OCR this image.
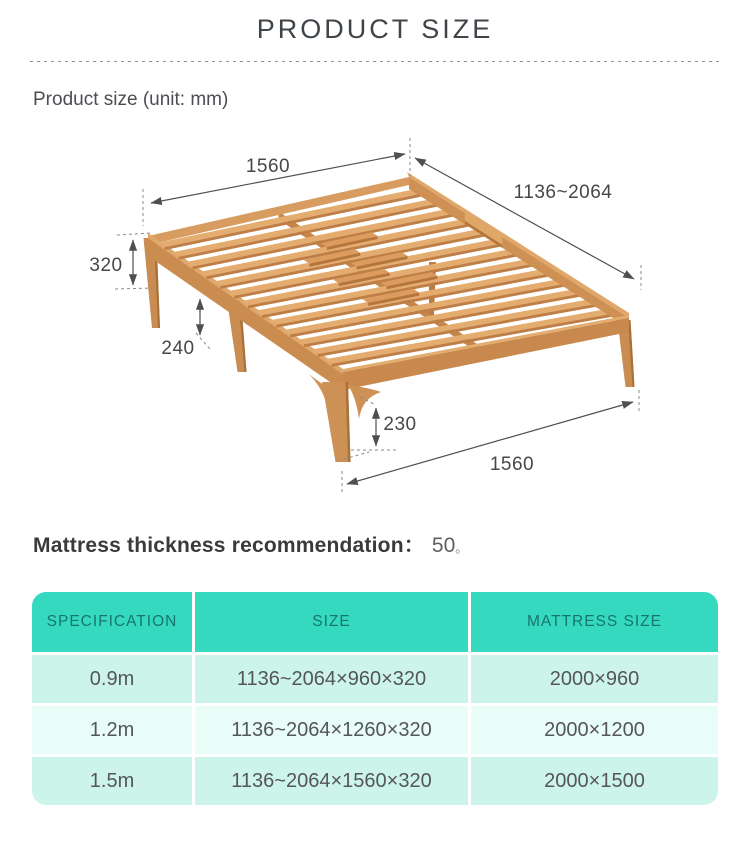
PRODUCT SIZE
Product size (unit: mm)
1560
1136~2064
320
240
230
1560
Mattress thickness recommendation： 50。
SPECIFICATION	SIZE	MATTRESS SIZE
0.9m	1136~2064×960×320	2000×960
1.2m	1136~2064×1260×320	2000×1200
1.5m	1136~2064×1560×320	2000×1500
